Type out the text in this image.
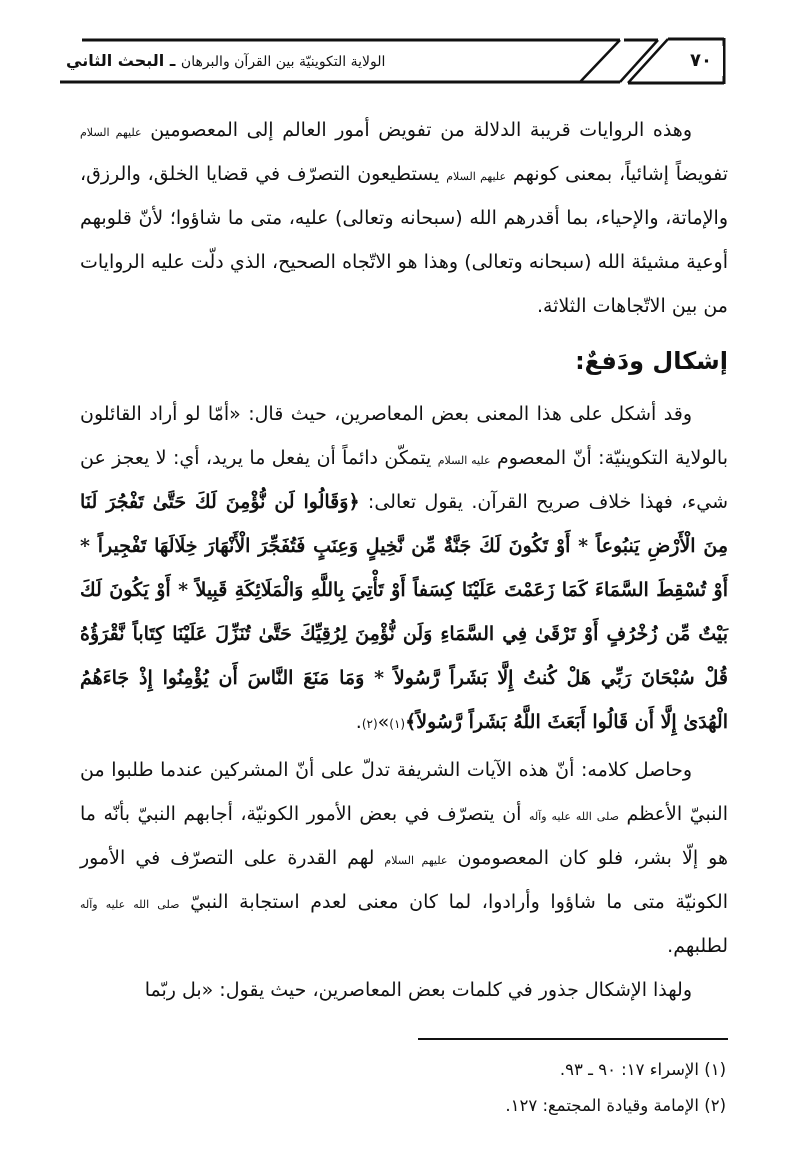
٧٠
الولاية التكوينيّة بين القرآن والبرهان ـ البحث الثاني

وهذه الروايات قريبة الدلالة من تفويض أمور العالم إلى المعصومين عليهم السلام تفويضاً إشائياً، بمعنى كونهم عليهم السلام يستطيعون التصرّف في قضايا الخلق، والرزق، والإماتة، والإحياء، بما أقدرهم الله (سبحانه وتعالى) عليه، متى ما شاؤوا؛ لأنّ قلوبهم أوعية مشيئة الله (سبحانه وتعالى) وهذا هو الاتّجاه الصحيح، الذي دلّت عليه الروايات من بين الاتّجاهات الثلاثة.

إشكال ودَفعٌ:

وقد أشكل على هذا المعنى بعض المعاصرين، حيث قال: «أمّا لو أراد القائلون بالولاية التكوينيّة: أنّ المعصوم عليه السلام يتمكّن دائماً أن يفعل ما يريد، أي: لا يعجز عن شيء، فهذا خلاف صريح القرآن. يقول تعالى: ﴿وَقَالُوا لَن نُّؤْمِنَ لَكَ حَتَّىٰ تَفْجُرَ لَنَا مِنَ الْأَرْضِ يَنبُوعاً * أَوْ تَكُونَ لَكَ جَنَّةٌ مِّن نَّخِيلٍ وَعِنَبٍ فَتُفَجِّرَ الْأَنْهَارَ خِلَالَهَا تَفْجِيراً * أَوْ تُسْقِطَ السَّمَاءَ كَمَا زَعَمْتَ عَلَيْنَا كِسَفاً أَوْ تَأْتِيَ بِاللَّهِ وَالْمَلَائِكَةِ قَبِيلاً * أَوْ يَكُونَ لَكَ بَيْتٌ مِّن زُخْرُفٍ أَوْ تَرْقَىٰ فِي السَّمَاءِ وَلَن نُّؤْمِنَ لِرُقِيِّكَ حَتَّىٰ تُنَزِّلَ عَلَيْنَا كِتَاباً نَّقْرَؤُهُ قُلْ سُبْحَانَ رَبِّي هَلْ كُنتُ إِلَّا بَشَراً رَّسُولاً * وَمَا مَنَعَ النَّاسَ أَن يُؤْمِنُوا إِذْ جَاءَهُمُ الْهُدَىٰ إِلَّا أَن قَالُوا أَبَعَثَ اللَّهُ بَشَراً رَّسُولاً﴾(١)»(٢).

وحاصل كلامه: أنّ هذه الآيات الشريفة تدلّ على أنّ المشركين عندما طلبوا من النبيّ الأعظم صلى الله عليه وآله أن يتصرّف في بعض الأمور الكونيّة، أجابهم النبيّ بأنّه ما هو إلّا بشر، فلو كان المعصومون عليهم السلام لهم القدرة على التصرّف في الأمور الكونيّة متى ما شاؤوا وأرادوا، لما كان معنى لعدم استجابة النبيّ صلى الله عليه وآله لطلبهم.

ولهذا الإشكال جذور في كلمات بعض المعاصرين، حيث يقول: «بل ربّما

(١) الإسراء ١٧: ٩٠ ـ ٩٣.

(٢) الإمامة وقيادة المجتمع: ١٢٧.
